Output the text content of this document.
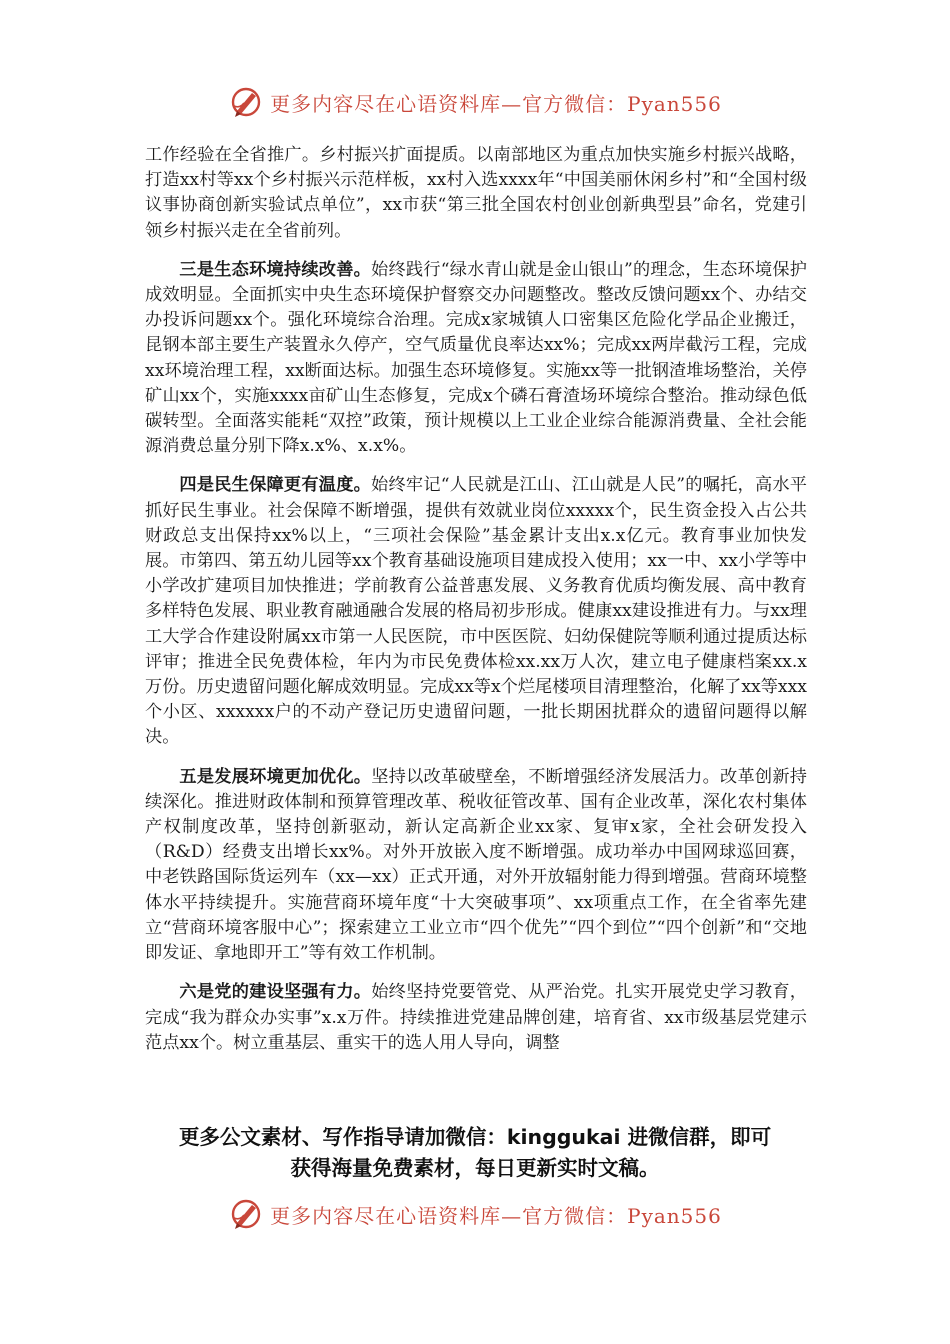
更多内容尽在心语资料库—官方微信：Pyan556

工作经验在全省推广。乡村振兴扩面提质。以南部地区为重点加快实施乡村振兴战略，打造xx村等xx个乡村振兴示范样板，xx村入选xxxx年“中国美丽休闲乡村”和“全国村级议事协商创新实验试点单位”，xx市获“第三批全国农村创业创新典型县”命名，党建引领乡村振兴走在全省前列。

三是生态环境持续改善。始终践行“绿水青山就是金山银山”的理念，生态环境保护成效明显。全面抓实中央生态环境保护督察交办问题整改。整改反馈问题xx个、办结交办投诉问题xx个。强化环境综合治理。完成x家城镇人口密集区危险化学品企业搬迁，昆钢本部主要生产装置永久停产，空气质量优良率达xx%；完成xx两岸截污工程，完成xx环境治理工程，xx断面达标。加强生态环境修复。实施xx等一批钢渣堆场整治，关停矿山xx个，实施xxxx亩矿山生态修复，完成x个磷石膏渣场环境综合整治。推动绿色低碳转型。全面落实能耗“双控”政策，预计规模以上工业企业综合能源消费量、全社会能源消费总量分别下降x.x%、x.x%。

四是民生保障更有温度。始终牢记“人民就是江山、江山就是人民”的嘱托，高水平抓好民生事业。社会保障不断增强，提供有效就业岗位xxxxx个，民生资金投入占公共财政总支出保持xx%以上，“三项社会保险”基金累计支出x.x亿元。教育事业加快发展。市第四、第五幼儿园等xx个教育基础设施项目建成投入使用；xx一中、xx小学等中小学改扩建项目加快推进；学前教育公益普惠发展、义务教育优质均衡发展、高中教育多样特色发展、职业教育融通融合发展的格局初步形成。健康xx建设推进有力。与xx理工大学合作建设附属xx市第一人民医院，市中医医院、妇幼保健院等顺利通过提质达标评审；推进全民免费体检，年内为市民免费体检xx.xx万人次，建立电子健康档案xx.x万份。历史遗留问题化解成效明显。完成xx等x个烂尾楼项目清理整治，化解了xx等xxx个小区、xxxxxx户的不动产登记历史遗留问题，一批长期困扰群众的遗留问题得以解决。

五是发展环境更加优化。坚持以改革破壁垒，不断增强经济发展活力。改革创新持续深化。推进财政体制和预算管理改革、税收征管改革、国有企业改革，深化农村集体产权制度改革，坚持创新驱动，新认定高新企业xx家、复审x家，全社会研发投入（R&D）经费支出增长xx%。对外开放嵌入度不断增强。成功举办中国网球巡回赛，中老铁路国际货运列车（xx—xx）正式开通，对外开放辐射能力得到增强。营商环境整体水平持续提升。实施营商环境年度“十大突破事项”、xx项重点工作，在全省率先建立“营商环境客服中心”；探索建立工业立市“四个优先”“四个到位”“四个创新”和“交地即发证、拿地即开工”等有效工作机制。

六是党的建设坚强有力。始终坚持党要管党、从严治党。扎实开展党史学习教育，完成“我为群众办实事”x.x万件。持续推进党建品牌创建，培育省、xx市级基层党建示范点xx个。树立重基层、重实干的选人用人导向，调整

更多公文素材、写作指导请加微信：kinggukai 进微信群，即可
获得海量免费素材，每日更新实时文稿。
更多内容尽在心语资料库—官方微信：Pyan556
